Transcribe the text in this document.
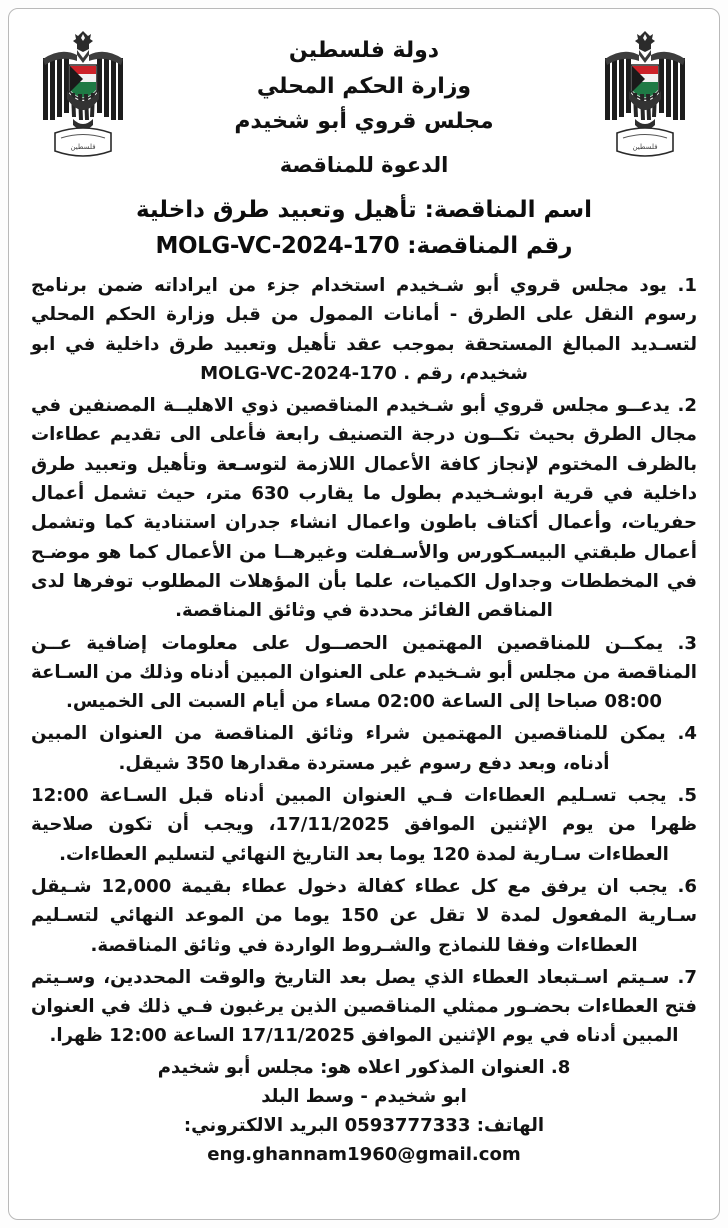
فلسطين	فلسطين
دولة فلسطين
وزارة الحكم المحلي
مجلس قروي أبو شخيدم
الدعوة للمناقصة
اسم المناقصة: تأهيل وتعبيد طرق داخلية
رقم المناقصة: MOLG-VC-2024-170

1. يود مجلس قروي أبو شـخيدم استخدام جزء من ايراداته ضمن برنامج رسوم النقل على الطرق - أمانات الممول من قبل وزارة الحكم المحلي لتسـديد المبالغ المستحقة بموجب عقد تأهيل وتعبيد طرق داخلية في ابو شخيدم، رقم . MOLG-VC-2024-170

2. يدعــو مجلس قروي أبو شـخيدم المناقصين ذوي الاهليــة المصنفين في مجال الطرق بحيث تكــون درجة التصنيف رابعة فأعلى الى تقديم عطاءات بالظرف المختوم لإنجاز كافة الأعمال اللازمة لتوسـعة وتأهيل وتعبيد طرق داخلية في قرية ابوشـخيدم بطول ما يقارب 630 متر، حيث تشمل أعمال حفريات، وأعمال أكتاف باطون واعمال انشاء جدران استنادية كما وتشمل أعمال طبقتي البيسـكورس والأسـفلت وغيرهــا من الأعمال كما هو موضـح في المخططات وجداول الكميات، علما بأن المؤهلات المطلوب توفرها لدى المناقص الفائز محددة في وثائق المناقصة.

3. يمكــن للمناقصين المهتمين الحصــول على معلومات إضافية عــن المناقصة من مجلس أبو شـخيدم على العنوان المبين أدناه وذلك من السـاعة 08:00 صباحا إلى الساعة 02:00 مساء من أيام السبت الى الخميس.

4. يمكن للمناقصين المهتمين شراء وثائق المناقصة من العنوان المبين أدناه، وبعد دفع رسوم غير مستردة مقدارها 350 شيقل.

5. يجب تسـليم العطاءات فـي العنوان المبين أدناه قبل السـاعة 12:00 ظهرا من يوم الإثنين الموافق 17/11/2025، ويجب أن تكون صلاحية العطاءات سـارية لمدة 120 يوما بعد التاريخ النهائي لتسليم العطاءات.

6. يجب ان يرفق مع كل عطاء كفالة دخول عطاء بقيمة 12,000 شـيقل سـارية المفعول لمدة لا تقل عن 150 يوما من الموعد النهائي لتسـليم العطاءات وفقا للنماذج والشـروط الواردة في وثائق المناقصة.

7. سـيتم اسـتبعاد العطاء الذي يصل بعد التاريخ والوقت المحددين، وسـيتم فتح العطاءات بحضـور ممثلي المناقصين الذين يرغبون فـي ذلك في العنوان المبين أدناه في يوم الإثنين الموافق 17/11/2025 الساعة 12:00 ظهرا.

8. العنوان المذكور اعلاه هو: مجلس أبو شخيدم
ابو شخيدم - وسط البلد
الهاتف: 0593777333 البريد الالكتروني: eng.ghannam1960@gmail.com
